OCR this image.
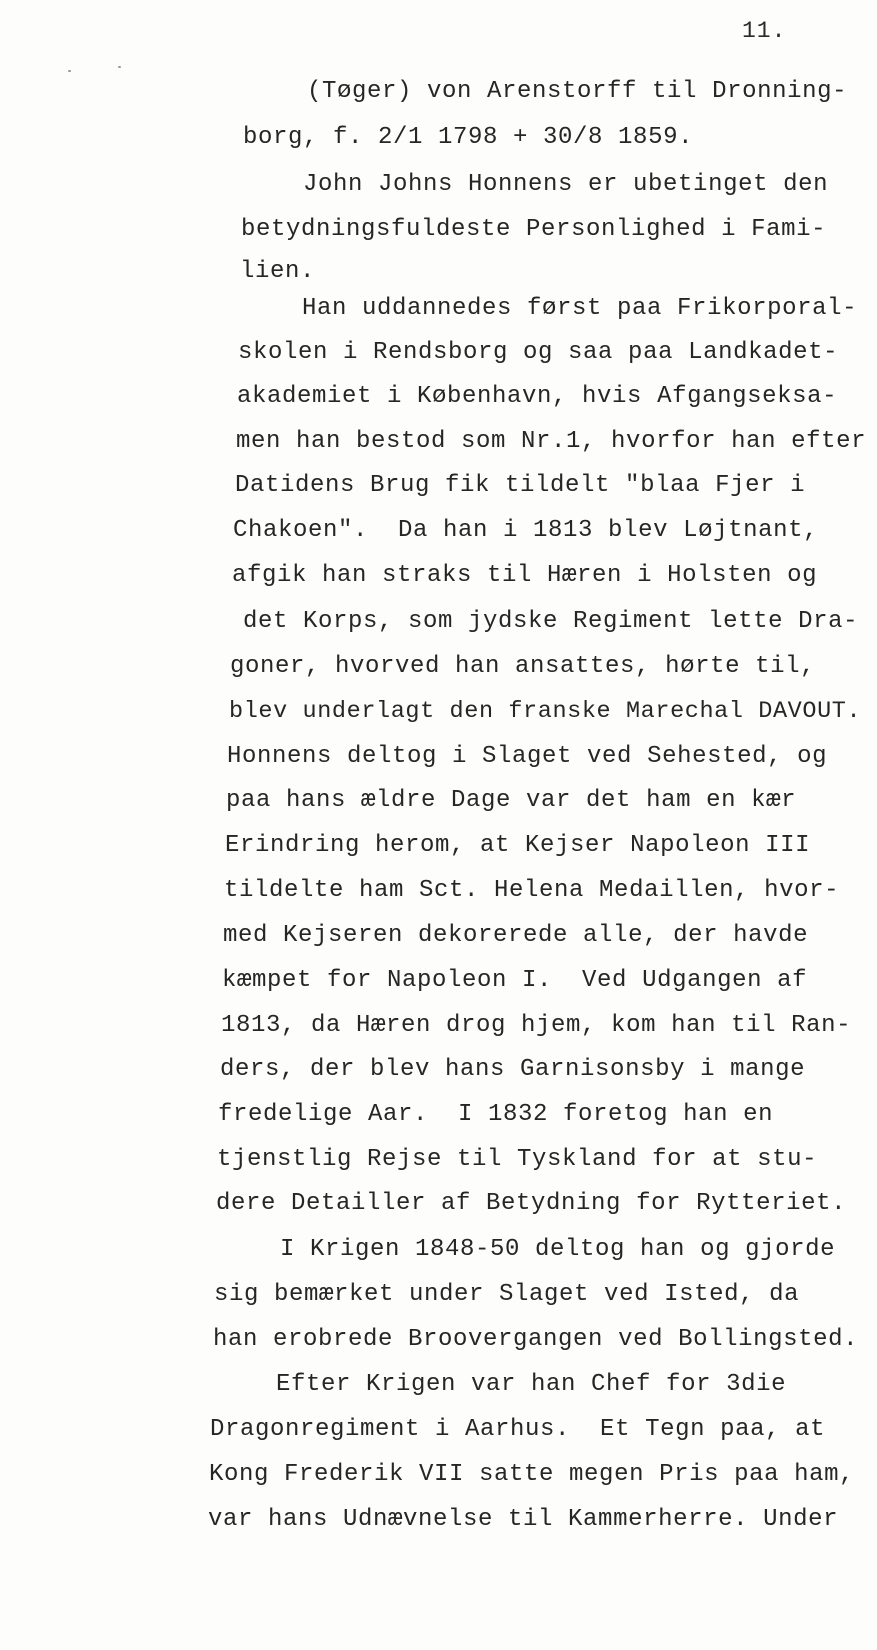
11.
(Tøger) von Arenstorff til Dronning-
borg, f. 2/1 1798 + 30/8 1859.
John Johns Honnens er ubetinget den
betydningsfuldeste Personlighed i Fami-
lien.
Han uddannedes først paa Frikorporal-
skolen i Rendsborg og saa paa Landkadet-
akademiet i København, hvis Afgangseksa-
men han bestod som Nr.1, hvorfor han efter
Datidens Brug fik tildelt "blaa Fjer i
Chakoen".  Da han i 1813 blev Løjtnant,
afgik han straks til Hæren i Holsten og
det Korps, som jydske Regiment lette Dra-
goner, hvorved han ansattes, hørte til,
blev underlagt den franske Marechal DAVOUT.
Honnens deltog i Slaget ved Sehested, og
paa hans ældre Dage var det ham en kær
Erindring herom, at Kejser Napoleon III
tildelte ham Sct. Helena Medaillen, hvor-
med Kejseren dekorerede alle, der havde
kæmpet for Napoleon I.  Ved Udgangen af
1813, da Hæren drog hjem, kom han til Ran-
ders, der blev hans Garnisonsby i mange
fredelige Aar.  I 1832 foretog han en
tjenstlig Rejse til Tyskland for at stu-
dere Detailler af Betydning for Rytteriet.
I Krigen 1848-50 deltog han og gjorde
sig bemærket under Slaget ved Isted, da
han erobrede Broovergangen ved Bollingsted.
Efter Krigen var han Chef for 3die
Dragonregiment i Aarhus.  Et Tegn paa, at
Kong Frederik VII satte megen Pris paa ham,
var hans Udnævnelse til Kammerherre. Under
